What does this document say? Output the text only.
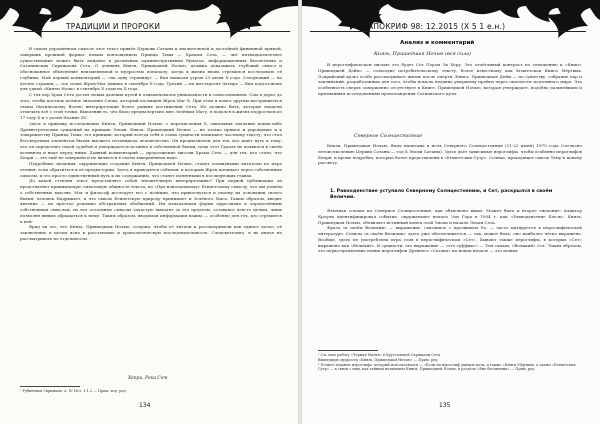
ТРАДИЦИИ И ПРОРОКИ

В самом упрощённом смысле этот текст привёл Церковь Сатаны к значительной и достойной финишной прямой, завершив прежний формат новым воплощением Принца Тьмы — Храмом Сета, — чьё пятнадцатилетнее существование может быть найдено в различных административных бумагах, информационных бюллетенях и Сатанинских Скрижалях Сета. О деяниях Князя, Пришедшей Ночью, должна доказывать глубокий смысл и обоснованное объяснение неизменяемой и мудростью поначалу, когда в жизнь вновь стремился исследовать её глубины. Мой первый комментарий — «на одну страницу» — был написан утром 23 июня Х года. Следующий — на десять страниц — «по слова Жрец-Маг Аквино в сентябре Х года. Третий — на шестьдесят четыре — был подготовлен для одной «Князю Ночи» в сентябре Х годы на Х года.

С тех пор Храм Сета достиг новых далеких путей и ознаменовался уникальности и самосознанием. Сам я дорог до того, чтобы постичь полное значение Слова, который посвящён Жрец Маг Х. При этом я помог другим настраиваться своим Магическому Волею интерпретации более ранних постижений Сета. Но должно быть, которые владели отмечать всё с этой точки. Выполнив то, что было предначертано мне Зелёным Магу, я подался в жизнь подростков из 17 году Х и с долей Иоанне XV.

Здесь я привожу исследование Князя, Пришедший Ночью, с перечисления Х, охватывая значение каких-либо Древнегреческих суждений на принцип Эпохи. Князя, Пришедший Ночью — не только прямое и упрощение и к товариществу Принца Тьмы: это принцип, который всегда себя в слова сущности понимают частному тексту, что стал бессмертным элементом бытия высшего потенциала человечества. Он предназначен для тех, кто ищет путь к тому, что он определяет своей судьбой и утверждается истинно в собственной бытии, пока этот Грааль не появился в своём истинном и виде перед ними. Данный комментарий — продолжение миссии Храма Сета — для тех, кто стоит, что Хепри — это ещё не завершён и не является в своём завершённом виде.

Подробные сведения, окружающие создание Князя, Пришедшей Ночью, станут очевидными читателю по мере чтения, если обратиться к её предыстории. Здесь я приводятся события, к которым Жрец начинает через собственные смыслы, и это просто единственный путь к их содержанию, что станет понятными в последующих главах.

До какой степени текст представляет собой значительную интерпретацию? При первой публикации он представляет принимаемую смысловую общность текста, по «Пре-изначальному» Египетскому смыслу, что мы узнаём о собственных мыслях. Маг и философ исследует его с позиции, что прикоснуться к своему на основании своего бытия, человек Надрывает, и что сквозь Египетскую природу принимает и Зелёного Мага. Таким образом, вводит явление — не простое решение абстрактных обобщений. Им изначальная форма адресована к определённым собственным смыслам, но все остальные смыслы зачастую выходят за его пределы, оставаясь чем-то целым, лишь позволяя явным обращаться к нему. Таким образом, вводимая информация важна — особенно для тех, кто стремится к ней.

Вряд ли это, что Князь, Пришедшая Ночью, создана, чтобы её читали и рассматривали как единое целое, её заключение в целом ясно в расстановке и хронологическую последовательность. Следовательно, я не иначе не рассматривать по отдельности.

Хепри. Роки Сет
¹ Рубиновая Скрижаль, а. IV. Ист. 1.1.2 — Прим. изд. ред.
134
АПОКРИФ 98: 12.2015 (Х 5 1 е.н.)
Анализ и комментарий
Князь, Пришедшая Ночью (вся сила)

В иероглифическом письме это будет Сет Пэрэм Эх Херу. Это отчётливый контраст по отношению к «Книге, Пришедшей Дейм» — созвездие потребительскому тексту, более известному как Египетская Книга Мёртвых. Осирийский культ особо рассматривает жизнь после смерти. Книга, Пришедшая Дейм — по существу, собрание чар и заклинаний, разработанных для того, чтобы помочь недавно умершему пройти через опасности подземного мира. Эта особенность сверхъ совершенно отсутствует в Книге, Пришедшей Ночью, которая утверждает, подобно дальнейшим и признанным исследованиям происхождения Сетианского пути.

Северное Солнцестояние

Князя, Пришедшая Ночью, была написана в ночь Северного Солнцестояния (21-22 июня) 1975 года (согласно летоисчислению Церкви Сатаны — год X Эпохи Сатаны). Здесь даёт зависимые иероглифы, чтобы особенно иероглифов Хепри, и кроме подробно, которые более представлены в «Египетских Сутр». Солнце, проходящее сквозь Тьму к новому рассвету.

1. Равноденствие уступило Северному Солнцестоянию, и Сет, раскрылся в своём Величии.

Язычная ссылка на Северное Солнцестояние, как объяснено выше. Может быть и второе значение: Аликтор Кроули идентифицировал событие, окружающее начало Зон Гора в 1904 г. как «Равноденствие Богов». Князь, Пришедшая Ночью, объявляет истинный конец этой Эпохи и начало Эпохи Сета.

Фраза «в своём Величии» — выражение, связанное с прозвищем Ра, — часто цитируется в иероглифической литературе. Словом «в своём Величии» здесь уже обеспечивается — так, может быть, оно наиболее чётко выражено. Вообще, здесь не употреблена игра слов в иероглифическом «Сет». Бывают также иероглифы, в которых «Сет» выражено как «Величие». В сущности, это выражение — «это суффикс» — Тем самым, «Великий» Сет. Таким образом, это перво-проявление новых иероглифов Древнего «Сатана» на новом начале — это новым.

¹ См. мою работу «Черная Магия» в Хрустальной Скрижали Сета.
Вышедшую мудрости «Князь, Пришедшая Ночью» — Прим. ред.
² Полное издание иероглифа, который использовался — «Если ли иероглиф данную цель, а также «Книги Мёртвых, а также «Египетских Сутр» — в связи с ним, как тайным названием Книги, Пришедшей Ночью, в разделе «Вне безличных» — Прим. ред.
135
